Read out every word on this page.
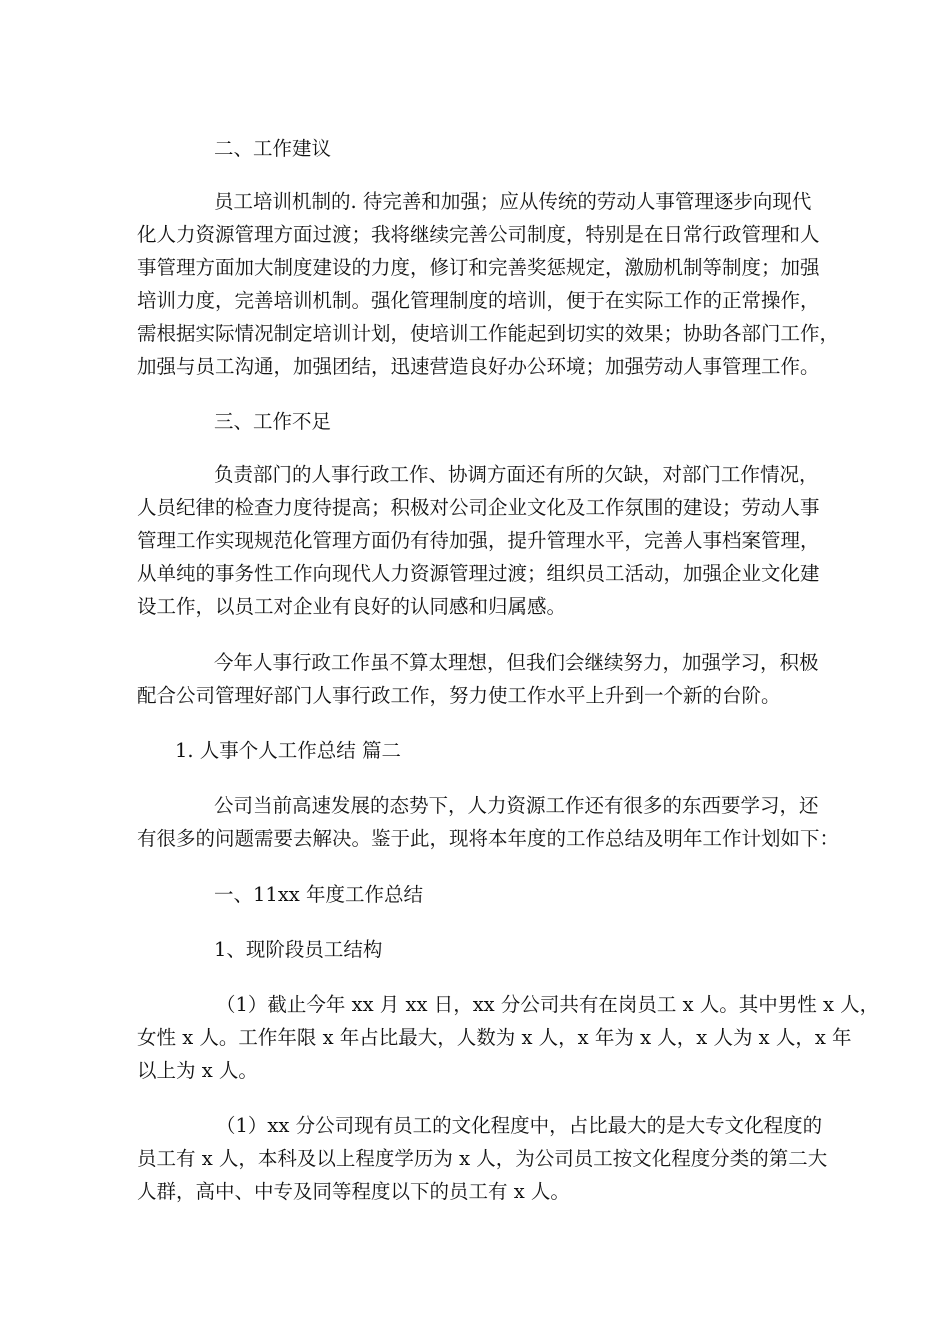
二、工作建议
员工培训机制的. 待完善和加强；应从传统的劳动人事管理逐步向现代
化人力资源管理方面过渡；我将继续完善公司制度，特别是在日常行政管理和人
事管理方面加大制度建设的力度，修订和完善奖惩规定，激励机制等制度；加强
培训力度，完善培训机制。强化管理制度的培训，便于在实际工作的正常操作，
需根据实际情况制定培训计划，使培训工作能起到切实的效果；协助各部门工作，
加强与员工沟通，加强团结，迅速营造良好办公环境；加强劳动人事管理工作。
三、工作不足
负责部门的人事行政工作、协调方面还有所的欠缺，对部门工作情况，
人员纪律的检查力度待提高；积极对公司企业文化及工作氛围的建设；劳动人事
管理工作实现规范化管理方面仍有待加强，提升管理水平，完善人事档案管理，
从单纯的事务性工作向现代人力资源管理过渡；组织员工活动，加强企业文化建
设工作，以员工对企业有良好的认同感和归属感。
今年人事行政工作虽不算太理想，但我们会继续努力，加强学习，积极
配合公司管理好部门人事行政工作，努力使工作水平上升到一个新的台阶。
1. 人事个人工作总结 篇二
公司当前高速发展的态势下，人力资源工作还有很多的东西要学习，还
有很多的问题需要去解决。鉴于此，现将本年度的工作总结及明年工作计划如下：
一、11xx 年度工作总结
1、现阶段员工结构
（1）截止今年 xx 月 xx 日，xx 分公司共有在岗员工 x 人。其中男性 x 人，
女性 x 人。工作年限 x 年占比最大，人数为 x 人，x 年为 x 人，x 人为 x 人，x 年
以上为 x 人。
（1）xx 分公司现有员工的文化程度中，占比最大的是大专文化程度的
员工有 x 人，本科及以上程度学历为 x 人，为公司员工按文化程度分类的第二大
人群，高中、中专及同等程度以下的员工有 x 人。
